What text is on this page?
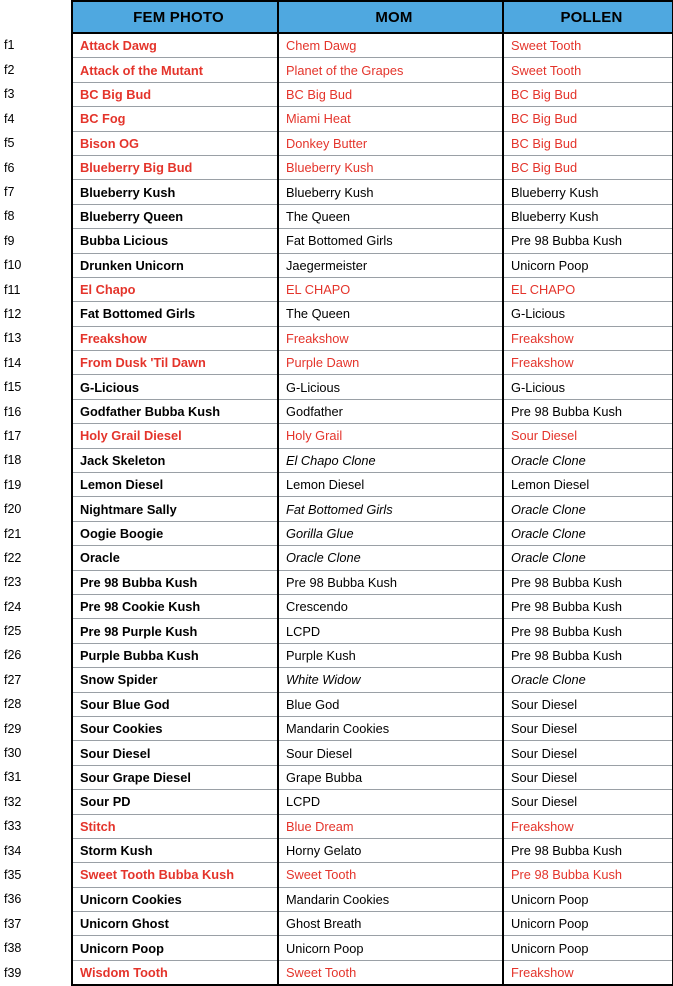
	FEM PHOTO	MOM	POLLEN
f1	Attack Dawg	Chem Dawg	Sweet Tooth
f2	Attack of the Mutant	Planet of the Grapes	Sweet Tooth
f3	BC Big Bud	BC Big Bud	BC Big Bud
f4	BC Fog	Miami Heat	BC Big Bud
f5	Bison OG	Donkey Butter	BC Big Bud
f6	Blueberry Big Bud	Blueberry Kush	BC Big Bud
f7	Blueberry Kush	Blueberry Kush	Blueberry Kush
f8	Blueberry Queen	The Queen	Blueberry Kush
f9	Bubba Licious	Fat Bottomed Girls	Pre 98 Bubba Kush
f10	Drunken Unicorn	Jaegermeister	Unicorn Poop
f11	El Chapo	EL CHAPO	EL CHAPO
f12	Fat Bottomed Girls	The Queen	G-Licious
f13	Freakshow	Freakshow	Freakshow
f14	From Dusk 'Til Dawn	Purple Dawn	Freakshow
f15	G-Licious	G-Licious	G-Licious
f16	Godfather Bubba Kush	Godfather	Pre 98 Bubba Kush
f17	Holy Grail Diesel	Holy Grail	Sour Diesel
f18	Jack Skeleton	El Chapo Clone	Oracle Clone
f19	Lemon Diesel	Lemon Diesel	Lemon Diesel
f20	Nightmare Sally	Fat Bottomed Girls	Oracle Clone
f21	Oogie Boogie	Gorilla Glue	Oracle Clone
f22	Oracle	Oracle Clone	Oracle Clone
f23	Pre 98 Bubba Kush	Pre 98 Bubba Kush	Pre 98 Bubba Kush
f24	Pre 98 Cookie Kush	Crescendo	Pre 98 Bubba Kush
f25	Pre 98 Purple Kush	LCPD	Pre 98 Bubba Kush
f26	Purple Bubba Kush	Purple Kush	Pre 98 Bubba Kush
f27	Snow Spider	White Widow	Oracle Clone
f28	Sour Blue God	Blue God	Sour Diesel
f29	Sour Cookies	Mandarin Cookies	Sour Diesel
f30	Sour Diesel	Sour Diesel	Sour Diesel
f31	Sour Grape Diesel	Grape Bubba	Sour Diesel
f32	Sour PD	LCPD	Sour Diesel
f33	Stitch	Blue Dream	Freakshow
f34	Storm Kush	Horny Gelato	Pre 98 Bubba Kush
f35	Sweet Tooth Bubba Kush	Sweet Tooth	Pre 98 Bubba Kush
f36	Unicorn Cookies	Mandarin Cookies	Unicorn Poop
f37	Unicorn Ghost	Ghost Breath	Unicorn Poop
f38	Unicorn Poop	Unicorn Poop	Unicorn Poop
f39	Wisdom Tooth	Sweet Tooth	Freakshow
